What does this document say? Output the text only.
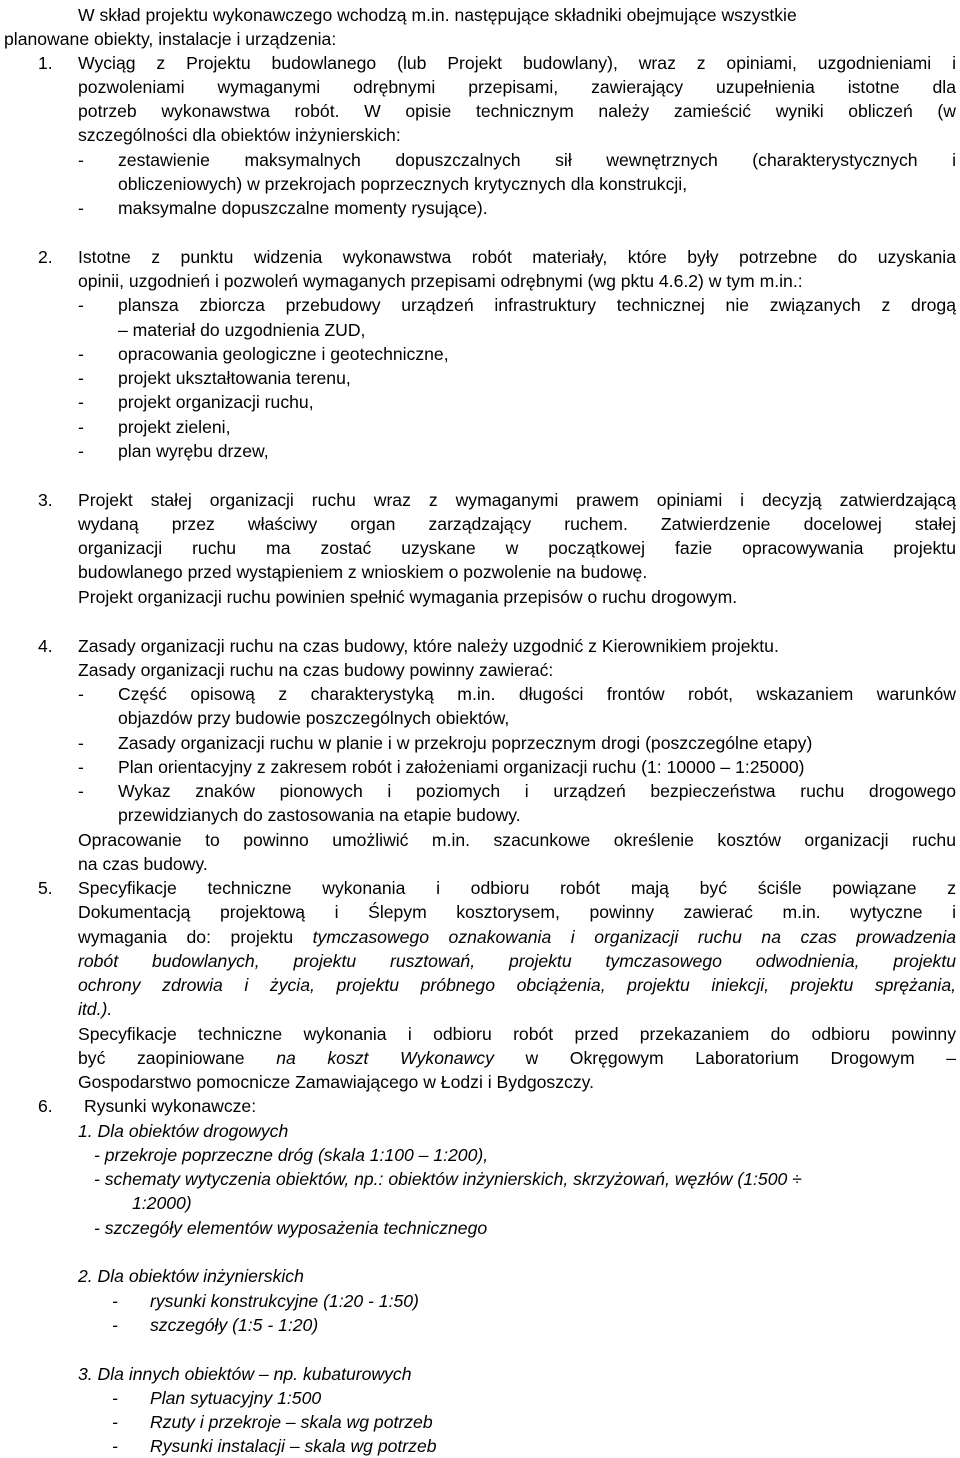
W skład projektu wykonawczego wchodzą m.in. następujące składniki obejmujące wszystkie
planowane obiekty, instalacje i urządzenia:
1.	Wyciąg z Projektu budowlanego (lub Projekt budowlany), wraz z opiniami, uzgodnieniami i
pozwoleniami wymaganymi odrębnymi przepisami, zawierający uzupełnienia istotne dla
potrzeb wykonawstwa robót. W opisie technicznym należy zamieścić wyniki obliczeń (w
szczególności dla obiektów inżynierskich:
-	zestawienie maksymalnych dopuszczalnych sił wewnętrznych (charakterystycznych i
obliczeniowych) w przekrojach poprzecznych krytycznych dla konstrukcji,
-	maksymalne dopuszczalne momenty rysujące).
2.	Istotne z punktu widzenia wykonawstwa robót materiały, które były potrzebne do uzyskania
opinii, uzgodnień i pozwoleń wymaganych przepisami odrębnymi (wg pktu 4.6.2) w tym m.in.:
-	plansza zbiorcza przebudowy urządzeń infrastruktury technicznej nie związanych z drogą
– materiał do uzgodnienia ZUD,
-	opracowania geologiczne i geotechniczne,
-	projekt ukształtowania terenu,
-	projekt organizacji ruchu,
-	projekt zieleni,
-	plan wyrębu drzew,
3.	Projekt stałej organizacji ruchu wraz z wymaganymi prawem opiniami i decyzją zatwierdzającą
wydaną przez właściwy organ zarządzający ruchem. Zatwierdzenie docelowej stałej
organizacji ruchu ma zostać uzyskane w początkowej fazie opracowywania projektu
budowlanego przed wystąpieniem z wnioskiem o pozwolenie na budowę.
Projekt organizacji ruchu powinien spełnić wymagania przepisów o ruchu drogowym.
4.	Zasady organizacji ruchu na czas budowy, które należy uzgodnić z Kierownikiem projektu.
Zasady organizacji ruchu na czas budowy powinny zawierać:
-	Część opisową z charakterystyką m.in. długości frontów robót, wskazaniem warunków
objazdów przy budowie poszczególnych obiektów,
-	Zasady organizacji ruchu w planie i w przekroju poprzecznym drogi (poszczególne etapy)
-	Plan orientacyjny z zakresem robót i założeniami organizacji ruchu (1: 10000 – 1:25000)
-	Wykaz znaków pionowych i poziomych i urządzeń bezpieczeństwa ruchu drogowego
przewidzianych do zastosowania na etapie budowy.
Opracowanie to powinno umożliwić m.in. szacunkowe określenie kosztów organizacji ruchu
na czas budowy.
5.	Specyfikacje techniczne wykonania i odbioru robót mają być ściśle powiązane z
Dokumentacją projektową i Ślepym kosztorysem, powinny zawierać m.in. wytyczne i
wymagania do: projektu tymczasowego oznakowania i organizacji ruchu na czas prowadzenia
robót budowlanych, projektu rusztowań, projektu tymczasowego odwodnienia, projektu
ochrony zdrowia i życia, projektu próbnego obciążenia, projektu iniekcji, projektu sprężania,
itd.).
Specyfikacje techniczne wykonania i odbioru robót przed przekazaniem do odbioru powinny
być zaopiniowane na koszt Wykonawcy w Okręgowym Laboratorium Drogowym –
Gospodarstwo pomocnicze Zamawiającego w Łodzi i Bydgoszczy.
6.	Rysunki wykonawcze:
1. Dla obiektów drogowych
- przekroje poprzeczne dróg (skala 1:100 – 1:200),
- schematy wytyczenia obiektów, np.: obiektów inżynierskich, skrzyżowań, węzłów (1:500 ÷
1:2000)
- szczegóły elementów wyposażenia technicznego
2. Dla obiektów inżynierskich
-	rysunki konstrukcyjne (1:20 - 1:50)
-	szczegóły (1:5 - 1:20)
3. Dla innych obiektów – np. kubaturowych
-	Plan sytuacyjny 1:500
-	Rzuty i przekroje – skala wg potrzeb
-	Rysunki instalacji – skala wg potrzeb
